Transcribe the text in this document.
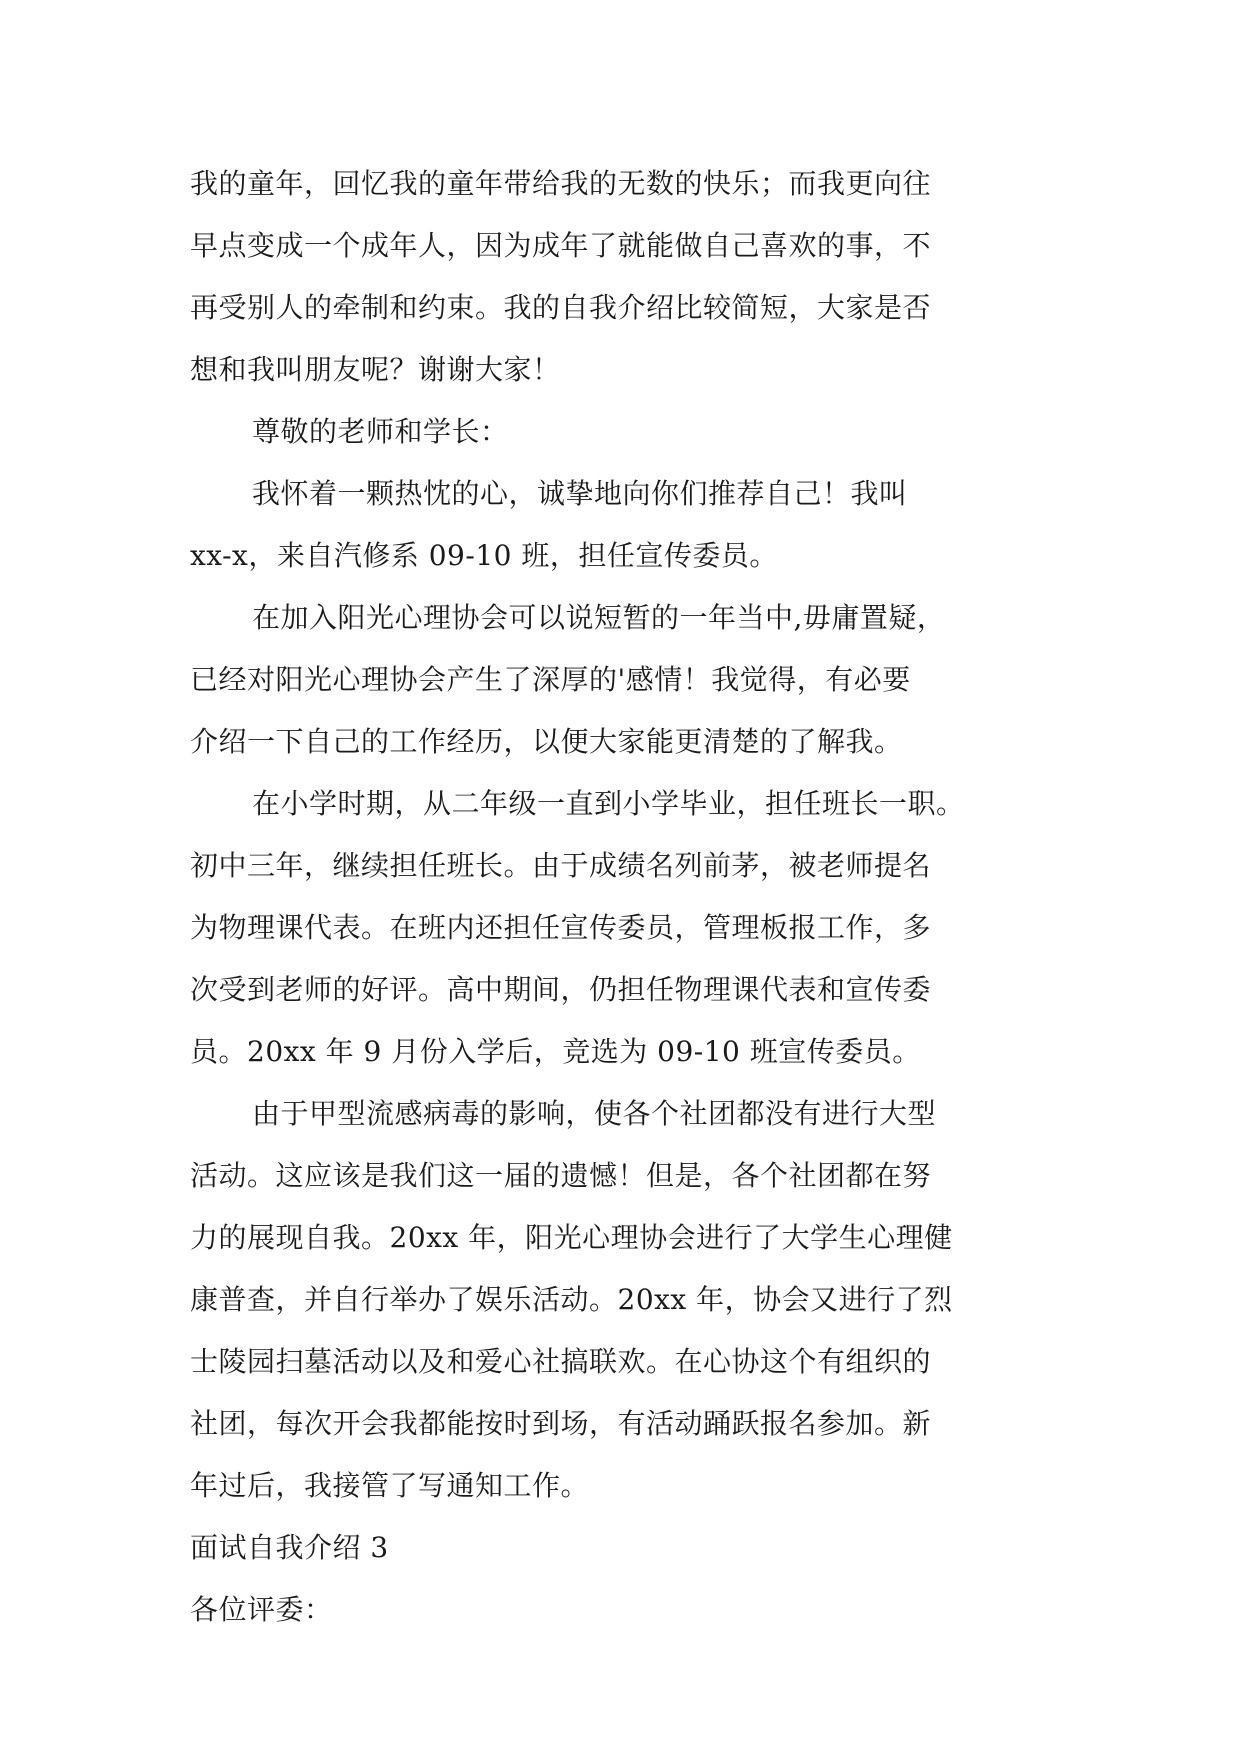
我的童年，回忆我的童年带给我的无数的快乐；而我更向往
早点变成一个成年人，因为成年了就能做自己喜欢的事，不
再受别人的牵制和约束。我的自我介绍比较简短，大家是否
想和我叫朋友呢？谢谢大家！
尊敬的老师和学长：
我怀着一颗热忱的心，诚挚地向你们推荐自己！我叫
xx-x，来自汽修系 09-10 班，担任宣传委员。
在加入阳光心理协会可以说短暂的一年当中,毋庸置疑，
已经对阳光心理协会产生了深厚的'感情！我觉得，有必要
介绍一下自己的工作经历，以便大家能更清楚的了解我。
在小学时期，从二年级一直到小学毕业，担任班长一职。
初中三年，继续担任班长。由于成绩名列前茅，被老师提名
为物理课代表。在班内还担任宣传委员，管理板报工作，多
次受到老师的好评。高中期间，仍担任物理课代表和宣传委
员。20xx 年 9 月份入学后，竞选为 09-10 班宣传委员。
由于甲型流感病毒的影响，使各个社团都没有进行大型
活动。这应该是我们这一届的遗憾！但是，各个社团都在努
力的展现自我。20xx 年，阳光心理协会进行了大学生心理健
康普查，并自行举办了娱乐活动。20xx 年，协会又进行了烈
士陵园扫墓活动以及和爱心社搞联欢。在心协这个有组织的
社团，每次开会我都能按时到场，有活动踊跃报名参加。新
年过后，我接管了写通知工作。
面试自我介绍 3
各位评委：
